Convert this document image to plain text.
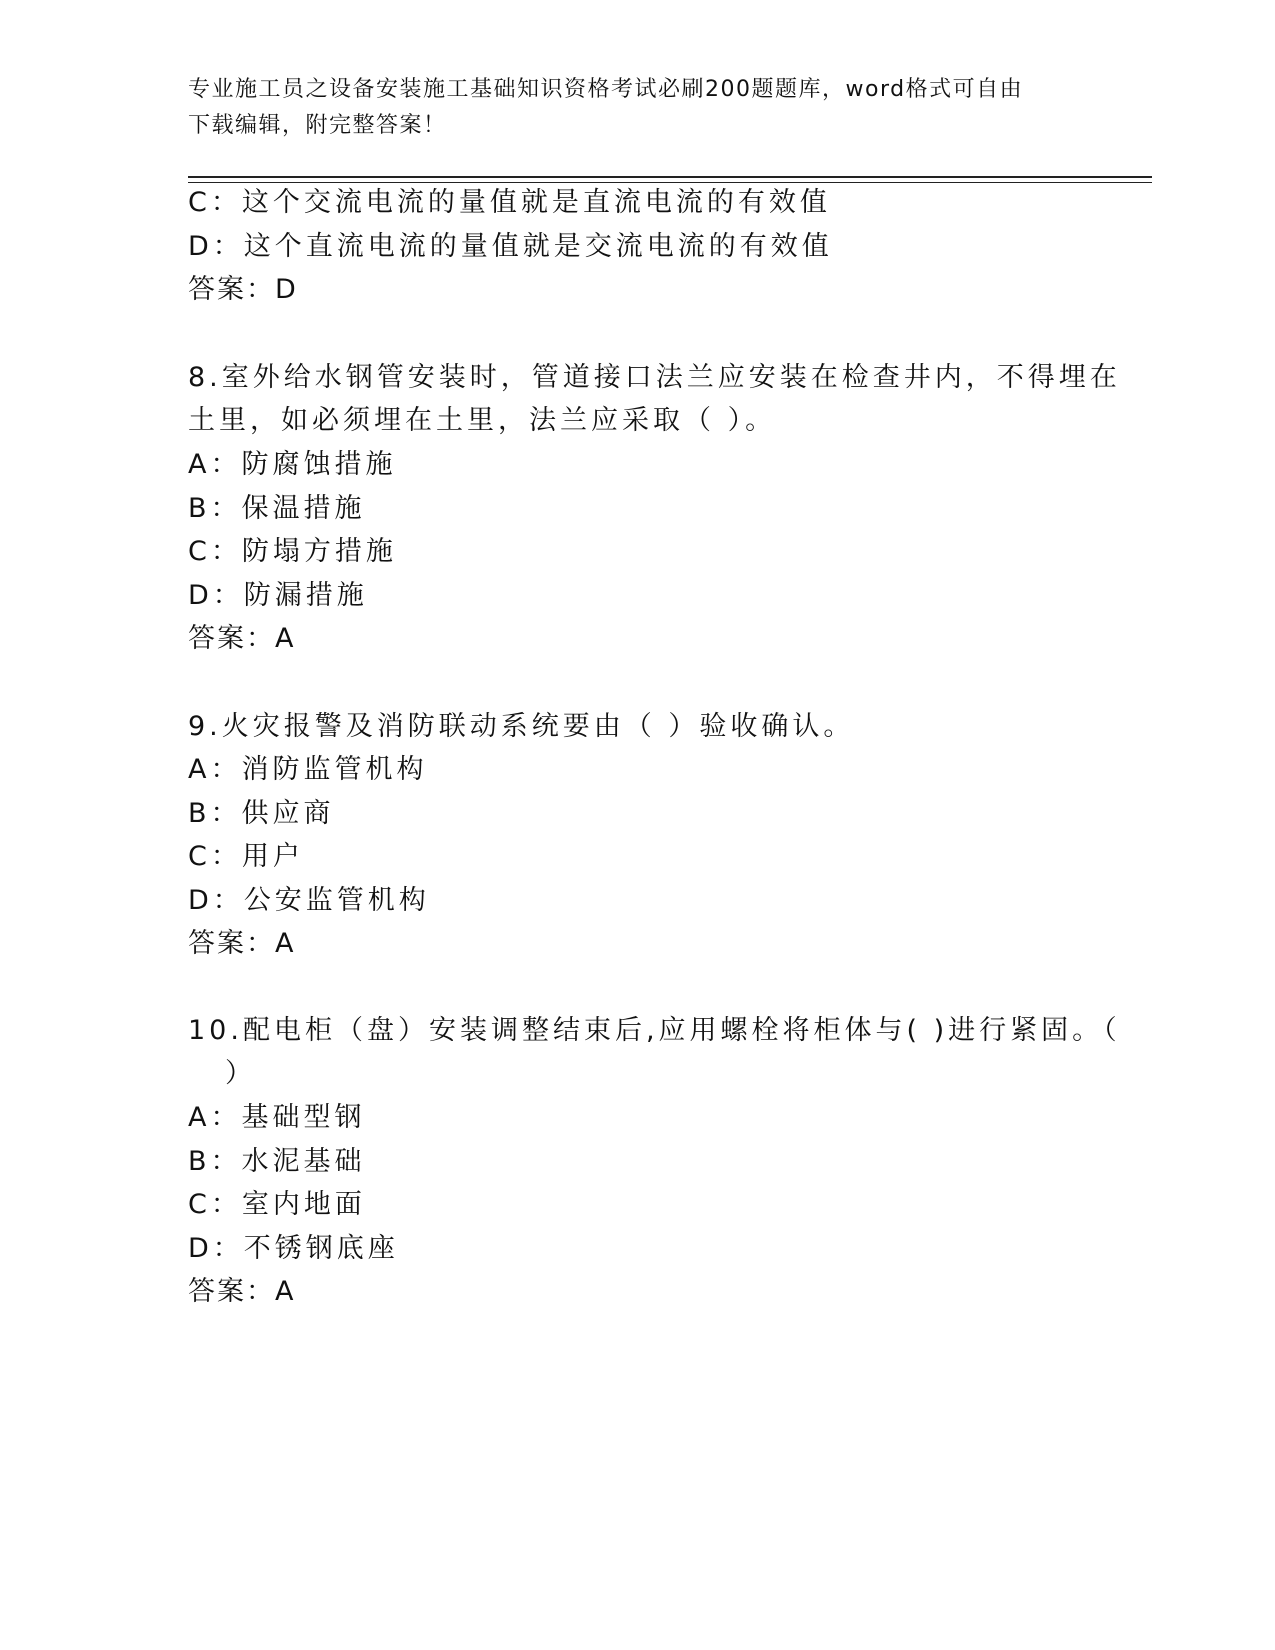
专业施工员之设备安装施工基础知识资格考试必刷200题题库，word格式可自由
下载编辑，附完整答案！
C：这个交流电流的量值就是直流电流的有效值
D：这个直流电流的量值就是交流电流的有效值
答案：D
8.室外给水钢管安装时，管道接口法兰应安装在检查井内，不得埋在
土里，如必须埋在土里，法兰应采取（ ）。
A：防腐蚀措施
B：保温措施
C：防塌方措施
D：防漏措施
答案：A
9.火灾报警及消防联动系统要由（ ）验收确认。
A：消防监管机构
B：供应商
C：用户
D：公安监管机构
答案：A
10.配电柜（盘）安装调整结束后,应用螺栓将柜体与( )进行紧固。（
）
A：基础型钢
B：水泥基础
C：室内地面
D：不锈钢底座
答案：A
